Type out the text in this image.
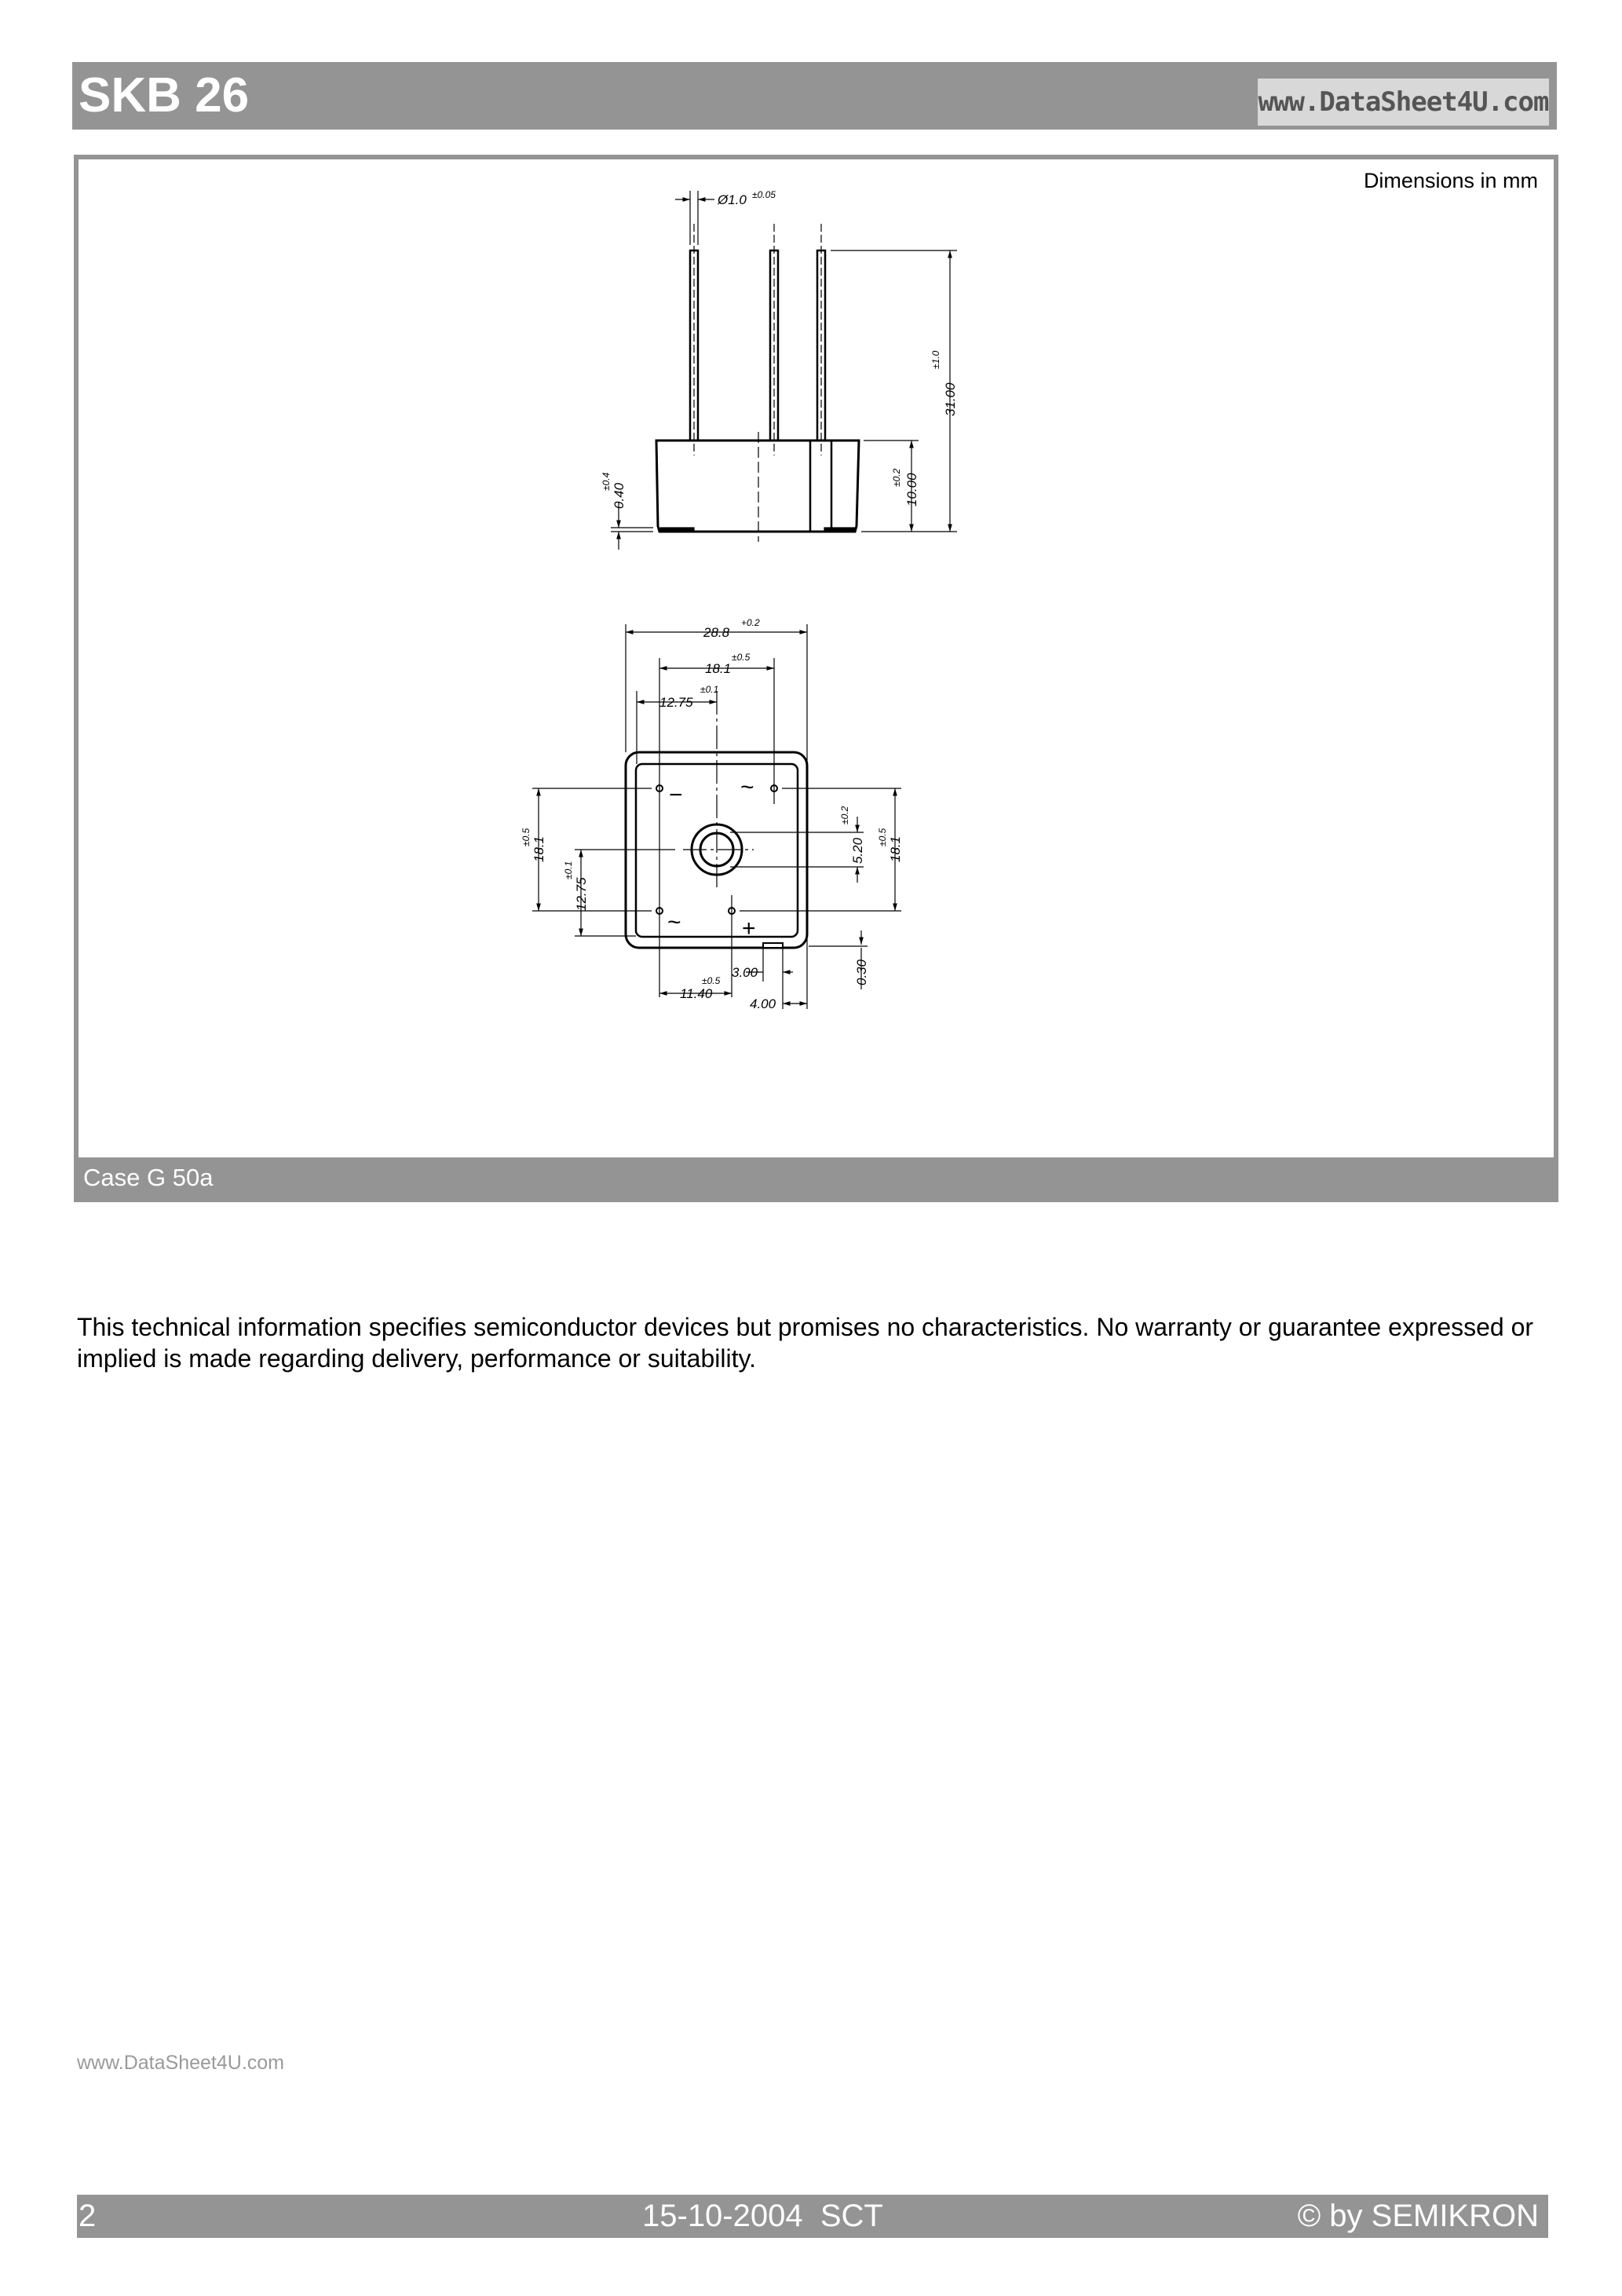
SKB 26	www.DataSheet4U.com
Dimensions in mm
Case G 50a
Ø1.0 ±0.05
31.00
±1.0
10.00
±0.2
0.40
±0.4
28.8
+0.2
18.1
±0.5
12.75
±0.1
18.1
±0.5
12.75
±0.1
5.20
±0.2
18.1
±0.5
0.30
3.00
11.40
±0.5
4.00
− ~
~	+
This technical information specifies semiconductor devices but promises no characteristics. No warranty or guarantee expressed or implied is made regarding delivery, performance or suitability.
www.DataSheet4U.com
2	15-10-2004  SCT	© by SEMIKRON
